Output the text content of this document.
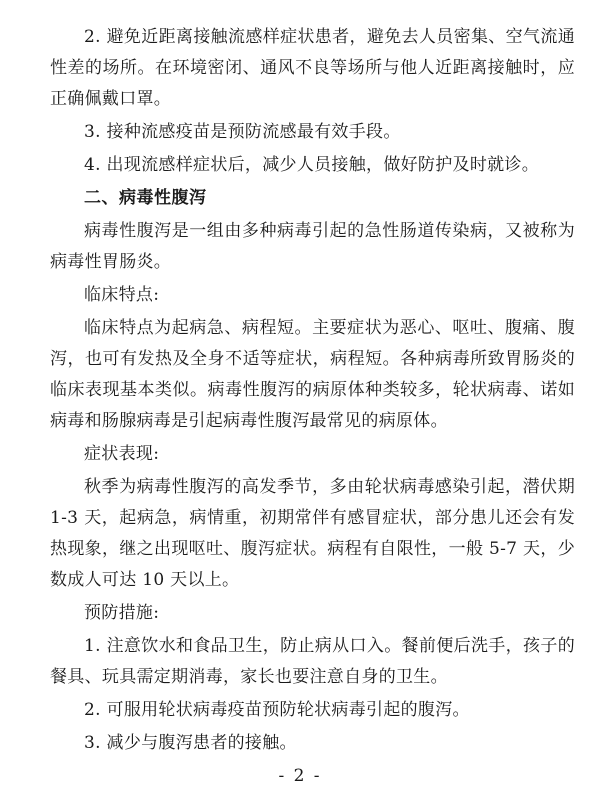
2. 避免近距离接触流感样症状患者，避免去人员密集、空气流通性差的场所。在环境密闭、通风不良等场所与他人近距离接触时，应正确佩戴口罩。

3. 接种流感疫苗是预防流感最有效手段。

4. 出现流感样症状后，减少人员接触，做好防护及时就诊。

二、病毒性腹泻

病毒性腹泻是一组由多种病毒引起的急性肠道传染病，又被称为病毒性胃肠炎。

临床特点:

临床特点为起病急、病程短。主要症状为恶心、呕吐、腹痛、腹泻，也可有发热及全身不适等症状，病程短。各种病毒所致胃肠炎的临床表现基本类似。病毒性腹泻的病原体种类较多，轮状病毒、诺如病毒和肠腺病毒是引起病毒性腹泻最常见的病原体。

症状表现:

秋季为病毒性腹泻的高发季节，多由轮状病毒感染引起，潜伏期 1-3 天，起病急，病情重，初期常伴有感冒症状，部分患儿还会有发热现象，继之出现呕吐、腹泻症状。病程有自限性，一般 5-7 天，少数成人可达 10 天以上。

预防措施:

1. 注意饮水和食品卫生，防止病从口入。餐前便后洗手，孩子的餐具、玩具需定期消毒，家长也要注意自身的卫生。

2. 可服用轮状病毒疫苗预防轮状病毒引起的腹泻。

3. 减少与腹泻患者的接触。

- 2 -
